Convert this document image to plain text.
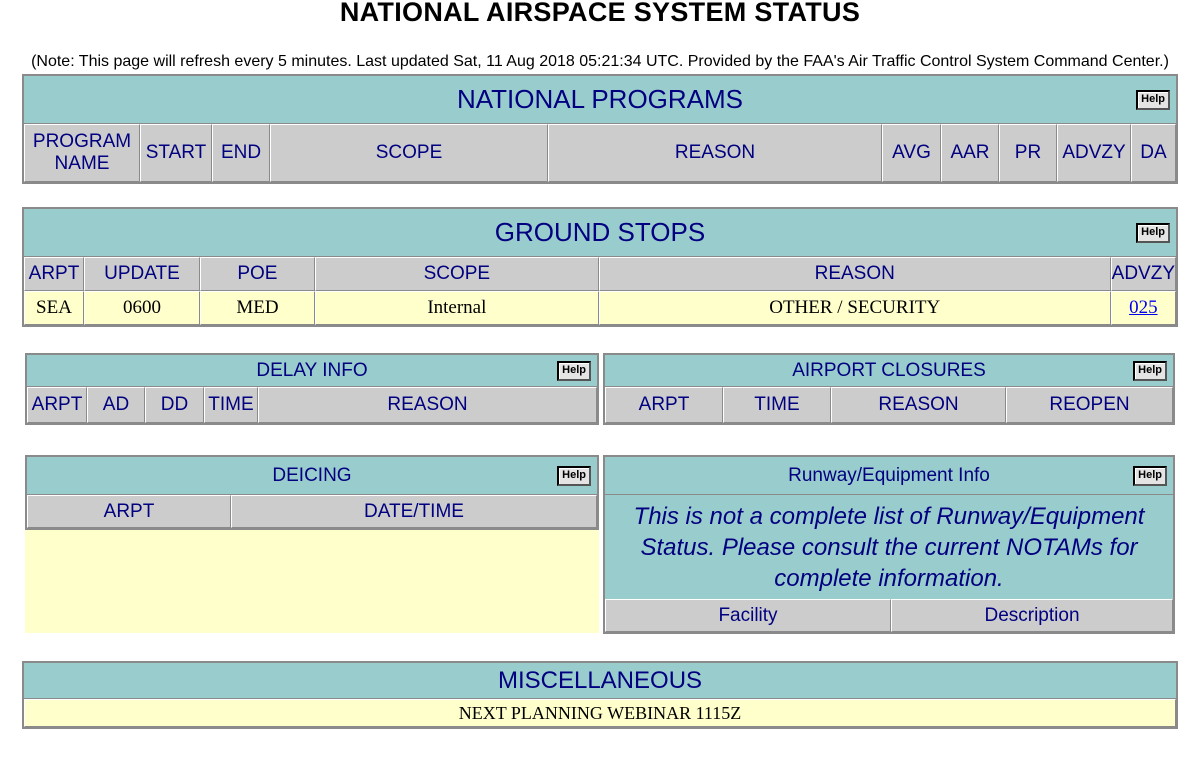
NATIONAL AIRSPACE SYSTEM STATUS
(Note: This page will refresh every 5 minutes. Last updated Sat, 11 Aug 2018 05:21:34 UTC. Provided by the FAA's Air Traffic Control System Command Center.)
NATIONAL PROGRAMS	Help

PROGRAM NAME	START	END	SCOPE	REASON	AVG	AAR	PR	ADVZY	DA
GROUND STOPS Help					

ARPT	UPDATE	POE	SCOPE	REASON	ADVZY
SEA	0600	MED	Internal	OTHER / SECURITY	025
DELAY INFO	Help

ARPT	AD	DD	TIME	REASON
AIRPORT CLOSURES	Help

ARPT	TIME	REASON	REOPEN
DEICING	Help

ARPT	DATE/TIME
Runway/Equipment Info	Help

This is not a complete list of Runway/Equipment Status. Please consult the current NOTAMs for complete information.
Facility	Description
MISCELLANEOUS
NEXT PLANNING WEBINAR 1115Z
